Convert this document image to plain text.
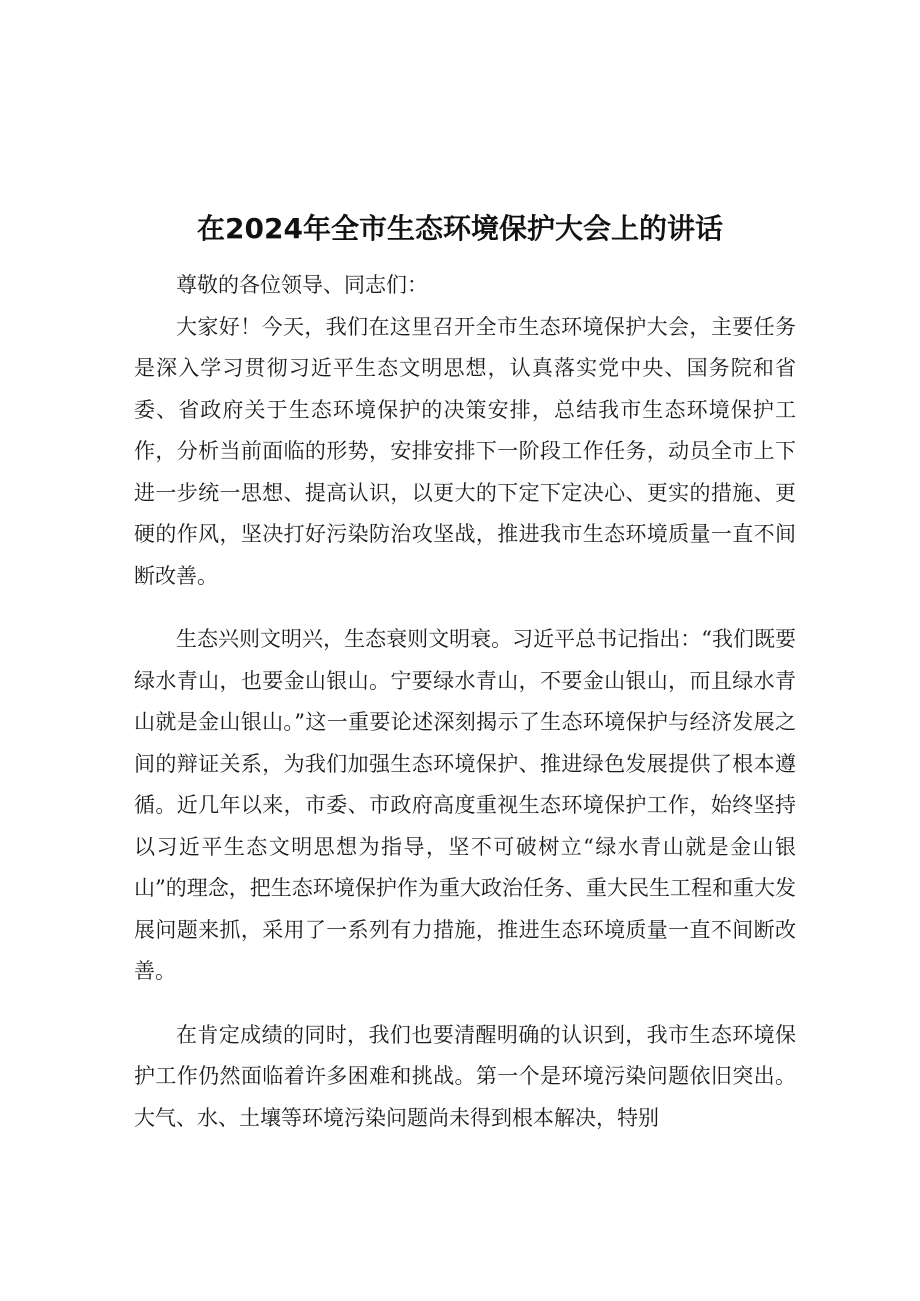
在2024年全市生态环境保护大会上的讲话

尊敬的各位领导、同志们：

大家好！今天，我们在这里召开全市生态环境保护大会，主要任务是深入学习贯彻习近平生态文明思想，认真落实党中央、国务院和省委、省政府关于生态环境保护的决策安排，总结我市生态环境保护工作，分析当前面临的形势，安排安排下一阶段工作任务，动员全市上下进一步统一思想、提高认识，以更大的下定下定决心、更实的措施、更硬的作风，坚决打好污染防治攻坚战，推进我市生态环境质量一直不间断改善。

生态兴则文明兴，生态衰则文明衰。习近平总书记指出：“我们既要绿水青山，也要金山银山。宁要绿水青山，不要金山银山，而且绿水青山就是金山银山。”这一重要论述深刻揭示了生态环境保护与经济发展之间的辩证关系，为我们加强生态环境保护、推进绿色发展提供了根本遵循。近几年以来，市委、市政府高度重视生态环境保护工作，始终坚持以习近平生态文明思想为指导，坚不可破树立“绿水青山就是金山银山”的理念，把生态环境保护作为重大政治任务、重大民生工程和重大发展问题来抓，采用了一系列有力措施，推进生态环境质量一直不间断改善。

在肯定成绩的同时，我们也要清醒明确的认识到，我市生态环境保护工作仍然面临着许多困难和挑战。第一个是环境污染问题依旧突出。大气、水、土壤等环境污染问题尚未得到根本解决，特别
